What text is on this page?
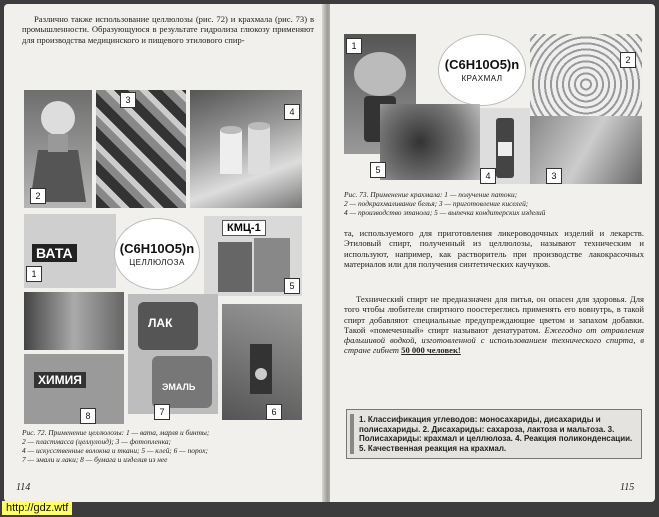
Различно также использование целлюлозы (рис. 72) и крахмала (рис. 73) в промышленности. Образующуюся в результате гидролиза глюкозу применяют для производства медицинского и пищевого этилового спир-

ВАТА	(C6H10O5)n
ЦЕЛЛЮЛОЗА
КМЦ-1
ЛАК
ЭМАЛЬ
ХИМИЯ
2
3
4
1
5
6
7
8
Рис. 72. Применение целлюлозы: 1 — вата, марля и бинты;
2 — пластмасса (целлулоид); 3 — фотопленка;
4 — искусственные волокна и ткани; 5 — клей; 6 — порох;
7 — эмали и лаки; 8 — бумага и изделия из нее
114
(C6H10O5)n
КРАХМАЛ
1
2
3
4
5
Рис. 73. Применение крахмала: 1 — получение патоки;
2 — подкрахмаливание белья; 3 — приготовление киселей;
4 — производство этанола; 5 — выпечка кондитерских изделий

та, используемого для приготовления ликероводочных изделий и лекарств. Этиловый спирт, полученный из целлюлозы, называют техническим и используют, например, как растворитель при производстве лакокрасочных материалов или для получения синтетических каучуков.

Технический спирт не предназначен для питья, он опасен для здоровья. Для того чтобы любители спиртного поостереглись применять его вовнутрь, в такой спирт добавляют специальные предупреждающие цветом и запахом добавки. Такой «помеченный» спирт называют денатуратом. Ежегодно от отравления фальшивой водкой, изготовленной с использованием технического спирта, в стране гибнет 50 000 человек!

1. Классификация углеводов: моносахариды, дисахариды и полисахариды. 2. Дисахариды: сахароза, лактоза и мальтоза. 3. Полисахариды: крахмал и целлюлоза. 4. Реакция поликонденсации. 5. Качественная реакция на крахмал.
115
http://gdz.wtf
